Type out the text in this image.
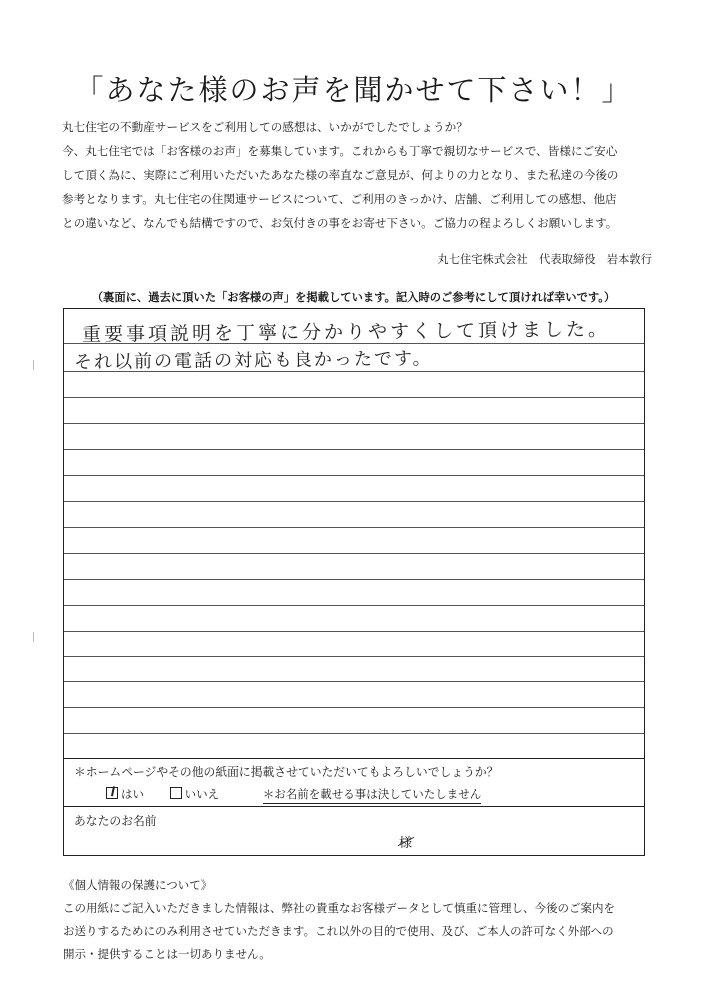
「あなた様のお声を聞かせて下さい！」

丸七住宅の不動産サービスをご利用しての感想は、いかがでしたでしょうか？

今、丸七住宅では「お客様のお声」を募集しています。これからも丁寧で親切なサービスで、皆様にご安心

して頂く為に、実際にご利用いただいたあなた様の率直なご意見が、何よりの力となり、また私達の今後の

参考となります。丸七住宅の住関連サービスについて、ご利用のきっかけ、店舗、ご利用しての感想、他店

との違いなど、なんでも結構ですので、お気付きの事をお寄せ下さい。ご協力の程よろしくお願いします。

丸七住宅株式会社　代表取締役　岩本敦行
（裏面に、過去に頂いた「お客様の声」を掲載しています。記入時のご参考にして頂ければ幸いです。）
重要事項説明を丁寧に分かりやすくして頂けました。
それ以前の電話の対応も良かったです。
＊ホームページやその他の紙面に掲載させていただいてもよろしいでしょうか？
はい	いいえ	＊お名前を載せる事は決していたしません
あなたのお名前
様

《個人情報の保護について》

この用紙にご記入いただきました情報は、弊社の貴重なお客様データとして慎重に管理し、今後のご案内を

お送りするためにのみ利用させていただきます。これ以外の目的で使用、及び、ご本人の許可なく外部への

開示・提供することは一切ありません。
